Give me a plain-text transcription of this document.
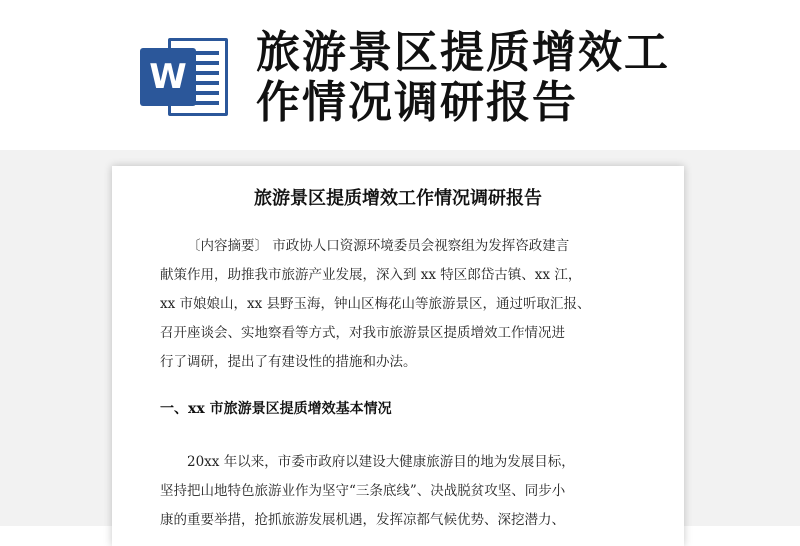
W 旅游景区提质增效工
作情况调研报告
旅游景区提质增效工作情况调研报告
〔内容摘要〕 市政协人口资源环境委员会视察组为发挥咨政建言
献策作用，助推我市旅游产业发展，深入到 xx 特区郎岱古镇、xx 江，
xx 市娘娘山，xx 县野玉海，钟山区梅花山等旅游景区，通过听取汇报、
召开座谈会、实地察看等方式，对我市旅游景区提质增效工作情况进
行了调研，提出了有建设性的措施和办法。
一、xx 市旅游景区提质增效基本情况
20xx 年以来，市委市政府以建设大健康旅游目的地为发展目标，
坚持把山地特色旅游业作为坚守“三条底线”、决战脱贫攻坚、同步小
康的重要举措，抢抓旅游发展机遇，发挥凉都气候优势、深挖潜力、
